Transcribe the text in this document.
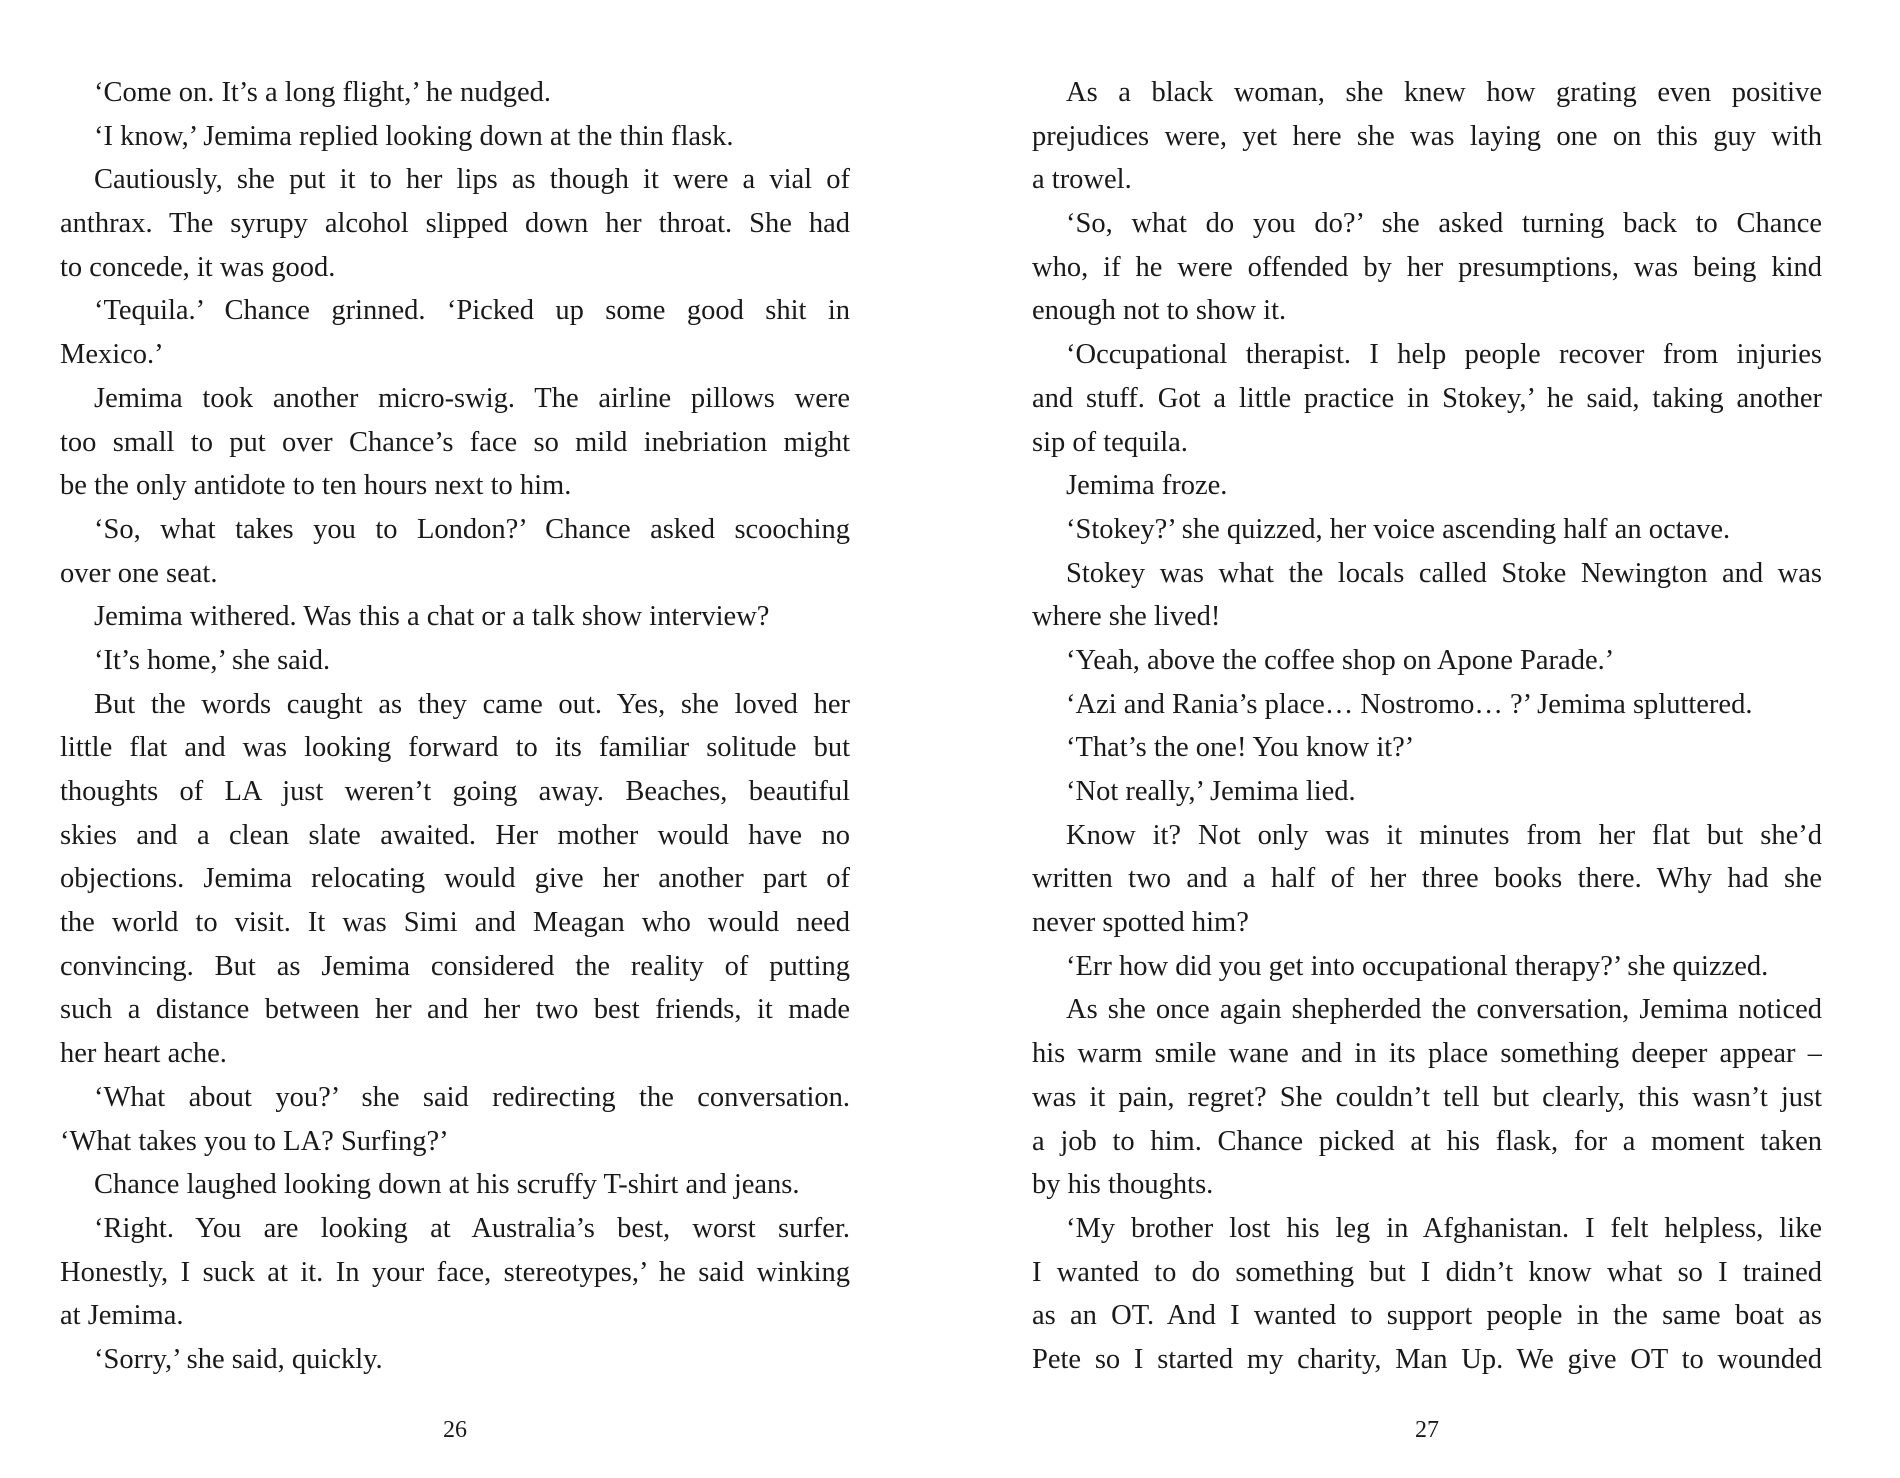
‘Come on. It’s a long flight,’ he nudged.
‘I know,’ Jemima replied looking down at the thin flask.
Cautiously, she put it to her lips as though it were a vial of
anthrax. The syrupy alcohol slipped down her throat. She had
to concede, it was good.
‘Tequila.’ Chance grinned. ‘Picked up some good shit in
Mexico.’
Jemima took another micro-swig. The airline pillows were
too small to put over Chance’s face so mild inebriation might
be the only antidote to ten hours next to him.
‘So, what takes you to London?’ Chance asked scooching
over one seat.
Jemima withered. Was this a chat or a talk show interview?
‘It’s home,’ she said.
But the words caught as they came out. Yes, she loved her
little flat and was looking forward to its familiar solitude but
thoughts of LA just weren’t going away. Beaches, beautiful
skies and a clean slate awaited. Her mother would have no
objections. Jemima relocating would give her another part of
the world to visit. It was Simi and Meagan who would need
convincing. But as Jemima considered the reality of putting
such a distance between her and her two best friends, it made
her heart ache.
‘What about you?’ she said redirecting the conversation.
‘What takes you to LA? Surfing?’
Chance laughed looking down at his scruffy T-shirt and jeans.
‘Right. You are looking at Australia’s best, worst surfer.
Honestly, I suck at it. In your face, stereotypes,’ he said winking
at Jemima.
‘Sorry,’ she said, quickly.
26
As a black woman, she knew how grating even positive
prejudices were, yet here she was laying one on this guy with
a trowel.
‘So, what do you do?’ she asked turning back to Chance
who, if he were offended by her presumptions, was being kind
enough not to show it.
‘Occupational therapist. I help people recover from injuries
and stuff. Got a little practice in Stokey,’ he said, taking another
sip of tequila.
Jemima froze.
‘Stokey?’ she quizzed, her voice ascending half an octave.
Stokey was what the locals called Stoke Newington and was
where she lived!
‘Yeah, above the coffee shop on Apone Parade.’
‘Azi and Rania’s place… Nostromo… ?’ Jemima spluttered.
‘That’s the one! You know it?’
‘Not really,’ Jemima lied.
Know it? Not only was it minutes from her flat but she’d
written two and a half of her three books there. Why had she
never spotted him?
‘Err how did you get into occupational therapy?’ she quizzed.
As she once again shepherded the conversation, Jemima noticed
his warm smile wane and in its place something deeper appear –
was it pain, regret? She couldn’t tell but clearly, this wasn’t just
a job to him. Chance picked at his flask, for a moment taken
by his thoughts.
‘My brother lost his leg in Afghanistan. I felt helpless, like
I wanted to do something but I didn’t know what so I trained
as an OT. And I wanted to support people in the same boat as
Pete so I started my charity, Man Up. We give OT to wounded
27
